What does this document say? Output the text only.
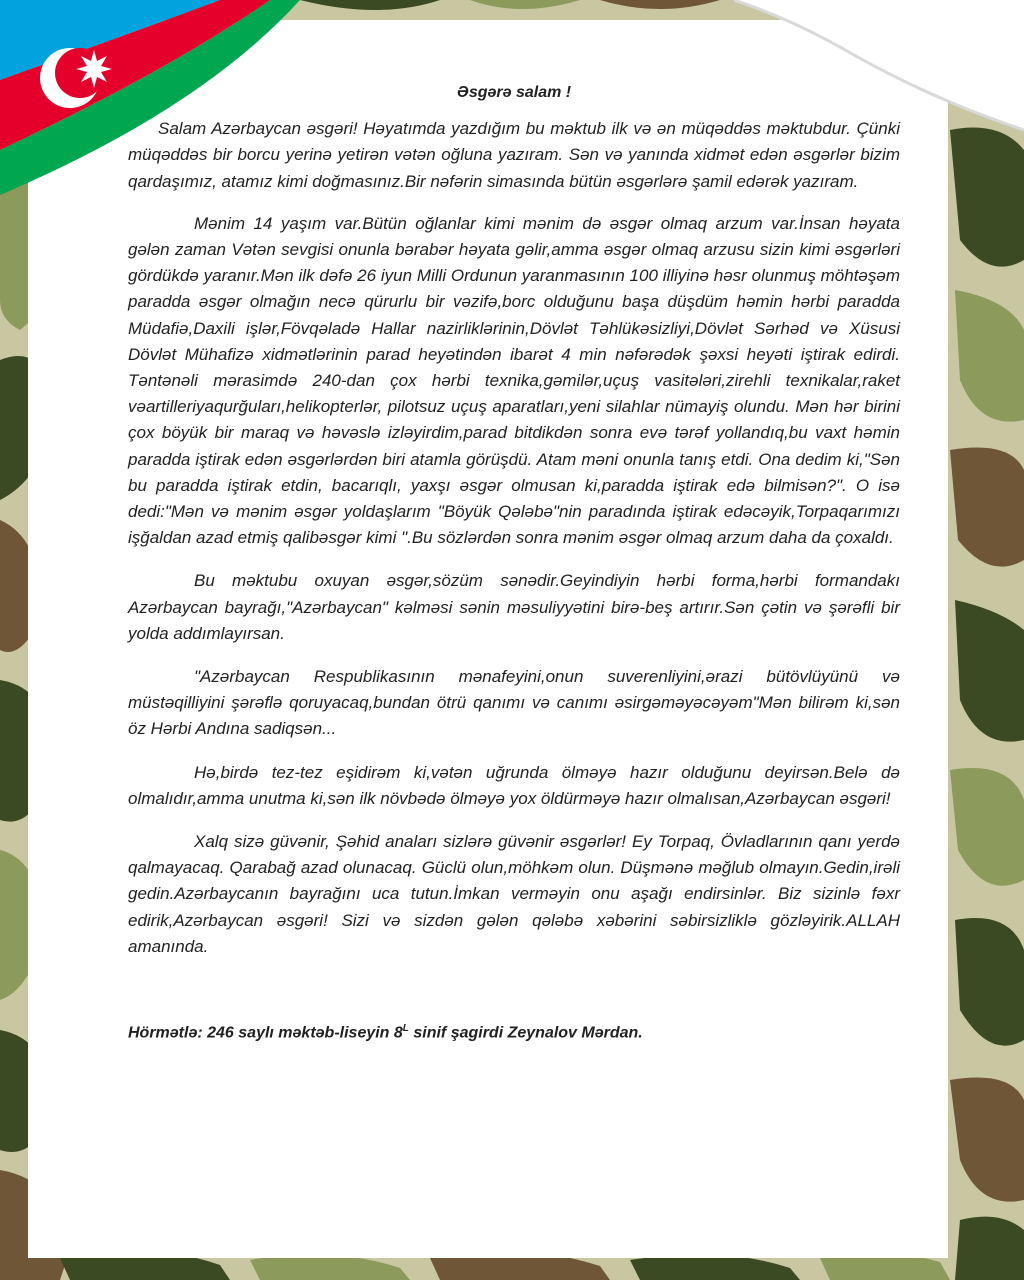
Əsgərə salam !

Salam Azərbaycan əsgəri! Həyatımda yazdığım bu məktub ilk və ən müqəddəs məktubdur. Çünki müqəddəs bir borcu yerinə yetirən vətən oğluna yazıram. Sən və yanında xidmət edən əsgərlər bizim qardaşımız, atamız kimi doğmasınız.Bir nəfərin simasında bütün əsgərlərə şamil edərək yazıram.

Mənim 14 yaşım var.Bütün oğlanlar kimi mənim də əsgər olmaq arzum var.İnsan həyata gələn zaman Vətən sevgisi onunla bərabər həyata gəlir,amma əsgər olmaq arzusu sizin kimi əsgərləri gördükdə yaranır.Mən ilk dəfə 26 iyun Milli Ordunun yaranmasının 100 illiyinə həsr olunmuş möhtəşəm paradda əsgər olmağın necə qürurlu bir vəzifə,borc olduğunu başa düşdüm həmin hərbi paradda Müdafiə,Daxili işlər,Fövqəladə Hallar nazirliklərinin,Dövlət Təhlükəsizliyi,Dövlət Sərhəd və Xüsusi Dövlət Mühafizə xidmətlərinin parad heyətindən ibarət 4 min nəfərədək şəxsi heyəti iştirak edirdi. Təntənəli mərasimdə 240-dan çox hərbi texnika,gəmilər,uçuş vasitələri,zirehli texnikalar,raket vəartilleriyaqurğuları,helikopterlər, pilotsuz uçuş aparatları,yeni silahlar nümayiş olundu. Mən hər birini çox böyük bir maraq və həvəslə izləyirdim,parad bitdikdən sonra evə tərəf yollandıq,bu vaxt həmin paradda iştirak edən əsgərlərdən biri atamla görüşdü. Atam məni onunla tanış etdi. Ona dedim ki,"Sən bu paradda iştirak etdin, bacarıqlı, yaxşı əsgər olmusan ki,paradda iştirak edə bilmisən?". O isə dedi:"Mən və mənim əsgər yoldaşlarım "Böyük Qələbə"nin paradında iştirak edəcəyik,Torpaqarımızı işğaldan azad etmiş qalibəsgər kimi ".Bu sözlərdən sonra mənim əsgər olmaq arzum daha da çoxaldı.

Bu məktubu oxuyan əsgər,sözüm sənədir.Geyindiyin hərbi forma,hərbi formandakı Azərbaycan bayrağı,"Azərbaycan" kəlməsi sənin məsuliyyətini birə-beş artırır.Sən çətin və şərəfli bir yolda addımlayırsan.

"Azərbaycan Respublikasının mənafeyini,onun suverenliyini,ərazi bütövlüyünü və müstəqilliyini şərəflə qoruyacaq,bundan ötrü qanımı və canımı əsirgəməyəcəyəm"Mən bilirəm ki,sən öz Hərbi Andına sadiqsən...

Hə,birdə tez-tez eşidirəm ki,vətən uğrunda ölməyə hazır olduğunu deyirsən.Belə də olmalıdır,amma unutma ki,sən ilk növbədə ölməyə yox öldürməyə hazır olmalısan,Azərbaycan əsgəri!

Xalq sizə güvənir, Şəhid anaları sizlərə güvənir əsgərlər! Ey Torpaq, Övladlarının qanı yerdə qalmayacaq. Qarabağ azad olunacaq. Güclü olun,möhkəm olun. Düşmənə məğlub olmayın.Gedin,irəli gedin.Azərbaycanın bayrağını uca tutun.İmkan verməyin onu aşağı endirsinlər. Biz sizinlə fəxr edirik,Azərbaycan əsgəri! Sizi və sizdən gələn qələbə xəbərini səbirsizliklə gözləyirik.ALLAH amanında.

Hörmətlə: 246 saylı məktəb-liseyin $8^L$ sinif şagirdi Zeynalov Mərdan.
